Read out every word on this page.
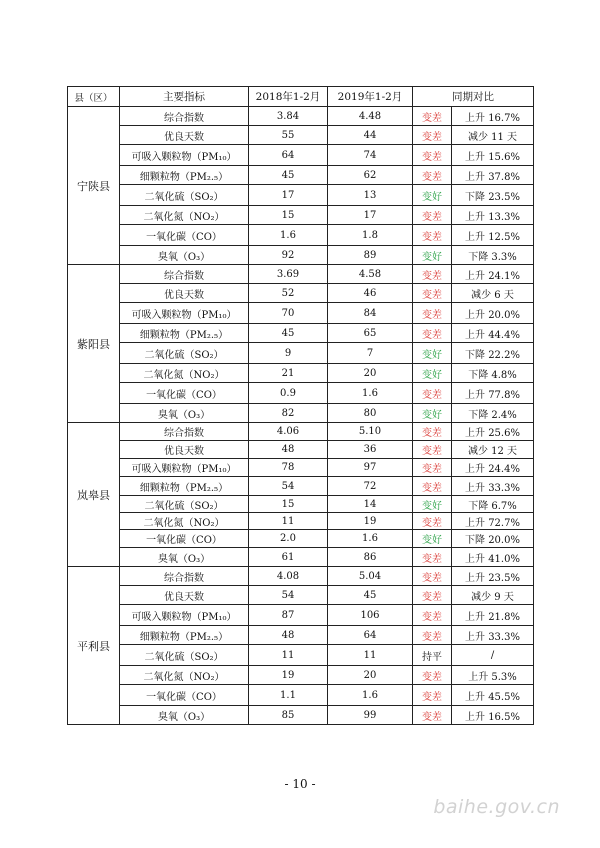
县（区）	主要指标	2018年1-2月	2019年1-2月	同期对比	
宁陕县	综合指数	3.84	4.48	变差	上升 16.7%
	优良天数	55	44	变差	减少 11 天
	可吸入颗粒物（PM₁₀）	64	74	变差	上升 15.6%
	细颗粒物（PM₂.₅）	45	62	变差	上升 37.8%
	二氧化硫（SO₂）	17	13	变好	下降 23.5%
	二氧化氮（NO₂）	15	17	变差	上升 13.3%
	一氧化碳（CO）	1.6	1.8	变差	上升 12.5%
	臭氧（O₃）	92	89	变好	下降 3.3%
紫阳县	综合指数	3.69	4.58	变差	上升 24.1%
	优良天数	52	46	变差	减少 6 天
	可吸入颗粒物（PM₁₀）	70	84	变差	上升 20.0%
	细颗粒物（PM₂.₅）	45	65	变差	上升 44.4%
	二氧化硫（SO₂）	9	7	变好	下降 22.2%
	二氧化氮（NO₂）	21	20	变好	下降 4.8%
	一氧化碳（CO）	0.9	1.6	变差	上升 77.8%
	臭氧（O₃）	82	80	变好	下降 2.4%
岚皋县	综合指数	4.06	5.10	变差	上升 25.6%
	优良天数	48	36	变差	减少 12 天
	可吸入颗粒物（PM₁₀）	78	97	变差	上升 24.4%
	细颗粒物（PM₂.₅）	54	72	变差	上升 33.3%
	二氧化硫（SO₂）	15	14	变好	下降 6.7%
	二氧化氮（NO₂）	11	19	变差	上升 72.7%
	一氧化碳（CO）	2.0	1.6	变好	下降 20.0%
	臭氧（O₃）	61	86	变差	上升 41.0%
平利县	综合指数	4.08	5.04	变差	上升 23.5%
	优良天数	54	45	变差	减少 9 天
	可吸入颗粒物（PM₁₀）	87	106	变差	上升 21.8%
	细颗粒物（PM₂.₅）	48	64	变差	上升 33.3%
	二氧化硫（SO₂）	11	11	持平	/
	二氧化氮（NO₂）	19	20	变差	上升 5.3%
	一氧化碳（CO）	1.1	1.6	变差	上升 45.5%
	臭氧（O₃）	85	99	变差	上升 16.5%
- 10 -
baihe.gov.cn
